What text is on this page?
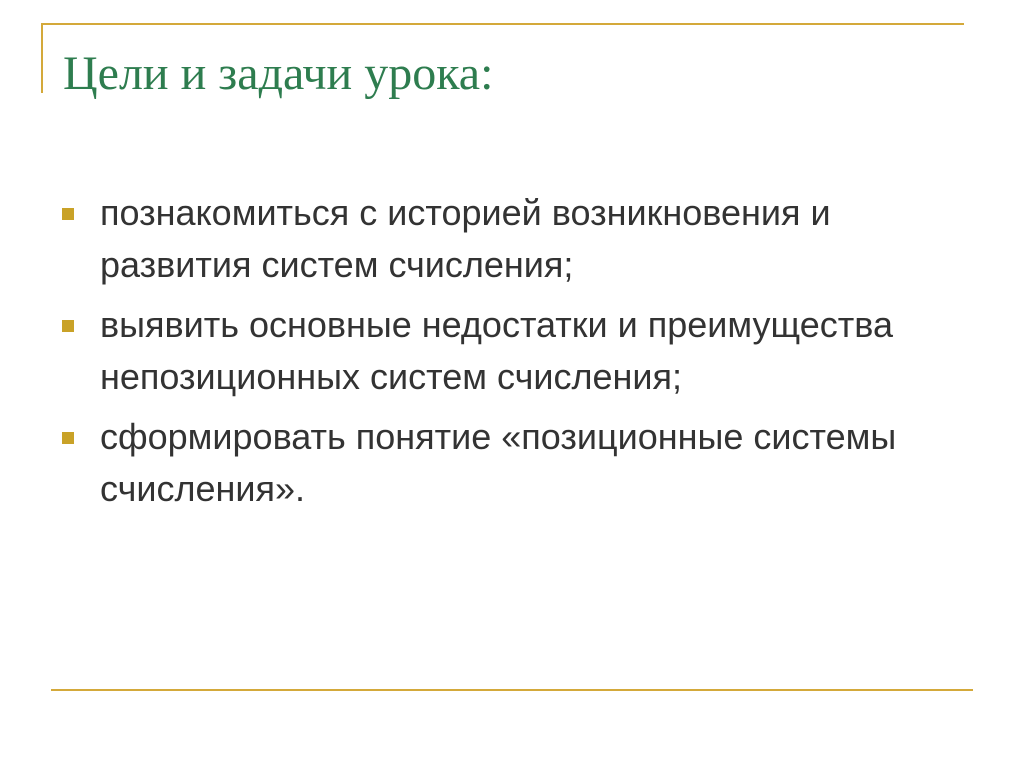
Цели и задачи урока:
познакомиться с историей возникновения и развития систем счисления;
выявить основные недостатки и преимущества непозиционных систем счисления;
сформировать понятие «позиционные системы счисления».
